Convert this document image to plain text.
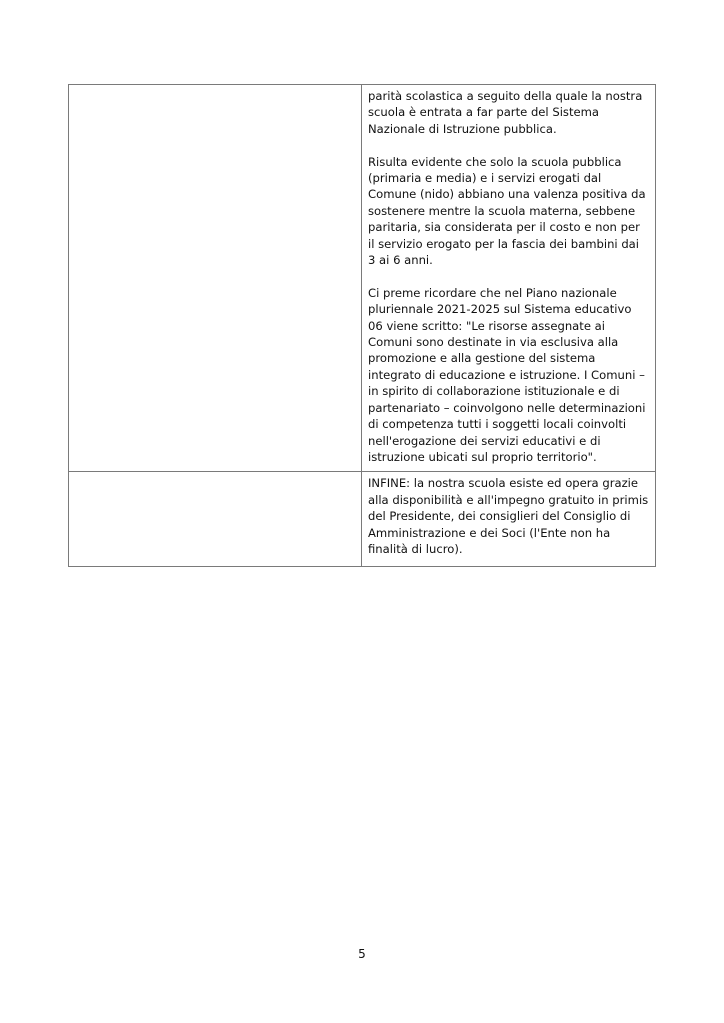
	parità scolastica a seguito della quale la nostra scuola è entrata a far parte del Sistema Nazionale di Istruzione pubblica.

Risulta evidente che solo la scuola pubblica (primaria e media) e i servizi erogati dal Comune (nido) abbiano una valenza positiva da sostenere mentre la scuola materna, sebbene paritaria, sia considerata per il costo e non per il servizio erogato per la fascia dei bambini dai 3 ai 6 anni.

Ci preme ricordare che nel Piano nazionale pluriennale 2021-2025 sul Sistema educativo 06 viene scritto: "Le risorse assegnate ai Comuni sono destinate in via esclusiva alla promozione e alla gestione del sistema integrato di educazione e istruzione. I Comuni – in spirito di collaborazione istituzionale e di partenariato – coinvolgono nelle determinazioni di competenza tutti i soggetti locali coinvolti nell'erogazione dei servizi educativi e di istruzione ubicati sul proprio territorio".

	INFINE: la nostra scuola esiste ed opera grazie alla disponibilità e all'impegno gratuito in primis del Presidente, dei consiglieri del Consiglio di Amministrazione e dei Soci (l'Ente non ha finalità di lucro).

5
